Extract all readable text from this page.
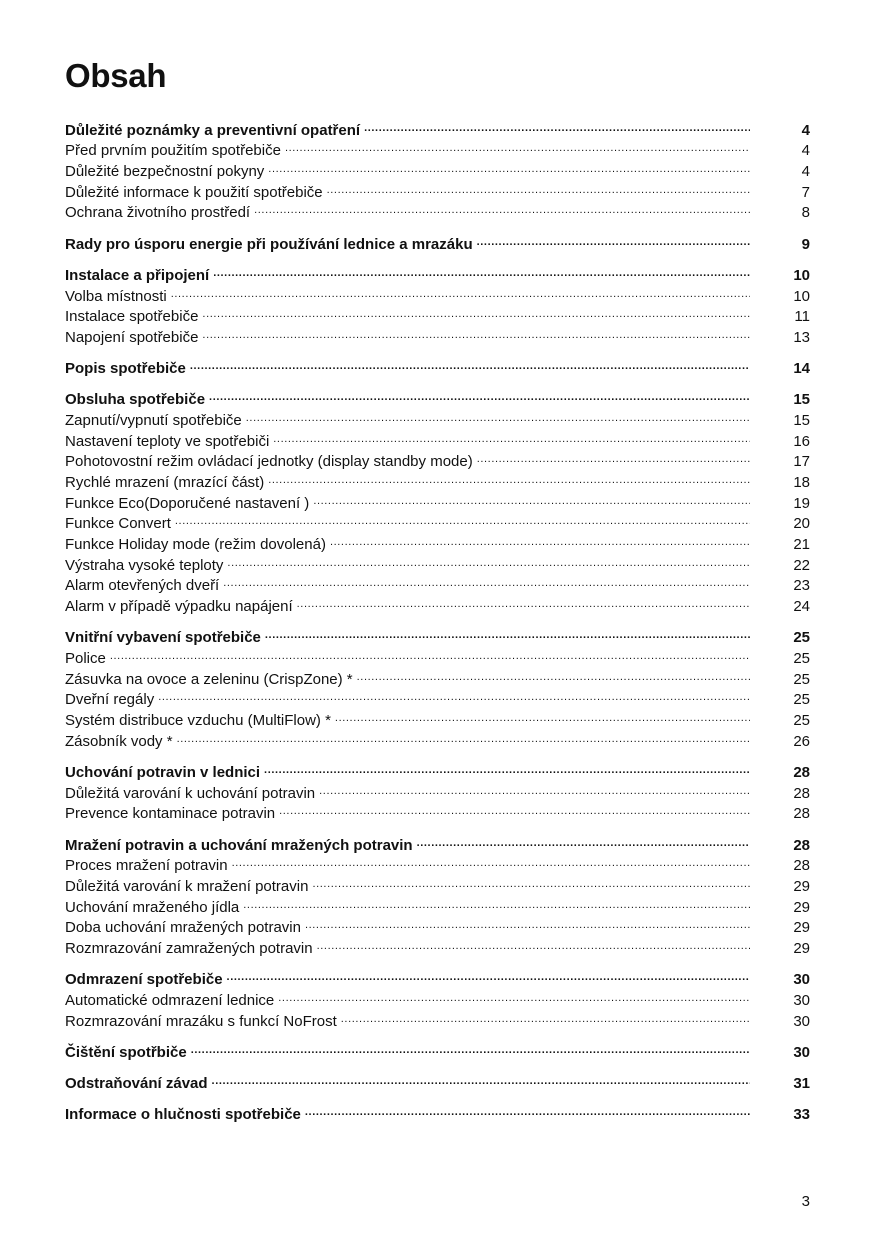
Obsah
Důležité poznámky a preventivní opatření .....	4
Před prvním použitím spotřebiče .....	4
Důležité bezpečnostní pokyny .....	4
Důležité informace k použití spotřebiče .....	7
Ochrana životního prostředí .....	8
Rady pro úsporu energie při používání lednice a mrazáku .....	9
Instalace a připojení .....	10
Volba místnosti .....	10
Instalace spotřebiče .....	11
Napojení spotřebiče .....	13
Popis spotřebiče .....	14
Obsluha spotřebiče .....	15
Zapnutí/vypnutí spotřebiče .....	15
Nastavení teploty ve spotřebiči .....	16
Pohotovostní režim ovládací jednotky (display standby mode) .....	17
Rychlé mrazení (mrazící část) .....	18
Funkce Eco(Doporučené nastavení ) .....	19
Funkce Convert .....	20
Funkce Holiday mode (režim dovolená) .....	21
Výstraha vysoké teploty .....	22
Alarm otevřených dveří .....	23
Alarm v případě výpadku napájení .....	24
Vnitřní vybavení spotřebiče .....	25
Police .....	25
Zásuvka na ovoce a zeleninu (CrispZone) * .....	25
Dveřní regály .....	25
Systém distribuce vzduchu (MultiFlow) * .....	25
Zásobník vody * .....	26
Uchování potravin v lednici .....	28
Důležitá varování k uchování potravin .....	28
Prevence kontaminace potravin .....	28
Mražení potravin a uchování mražených potravin .....	28
Proces mražení potravin .....	28
Důležitá varování k mražení potravin .....	29
Uchování mraženého jídla .....	29
Doba uchování mražených potravin .....	29
Rozmrazování zamražených potravin .....	29
Odmrazení spotřebiče .....	30
Automatické odmrazení lednice .....	30
Rozmrazování mrazáku s funkcí NoFrost .....	30
Čištění spotřbiče .....	30
Odstraňování závad .....	31
Informace o hlučnosti spotřebiče .....	33
3
